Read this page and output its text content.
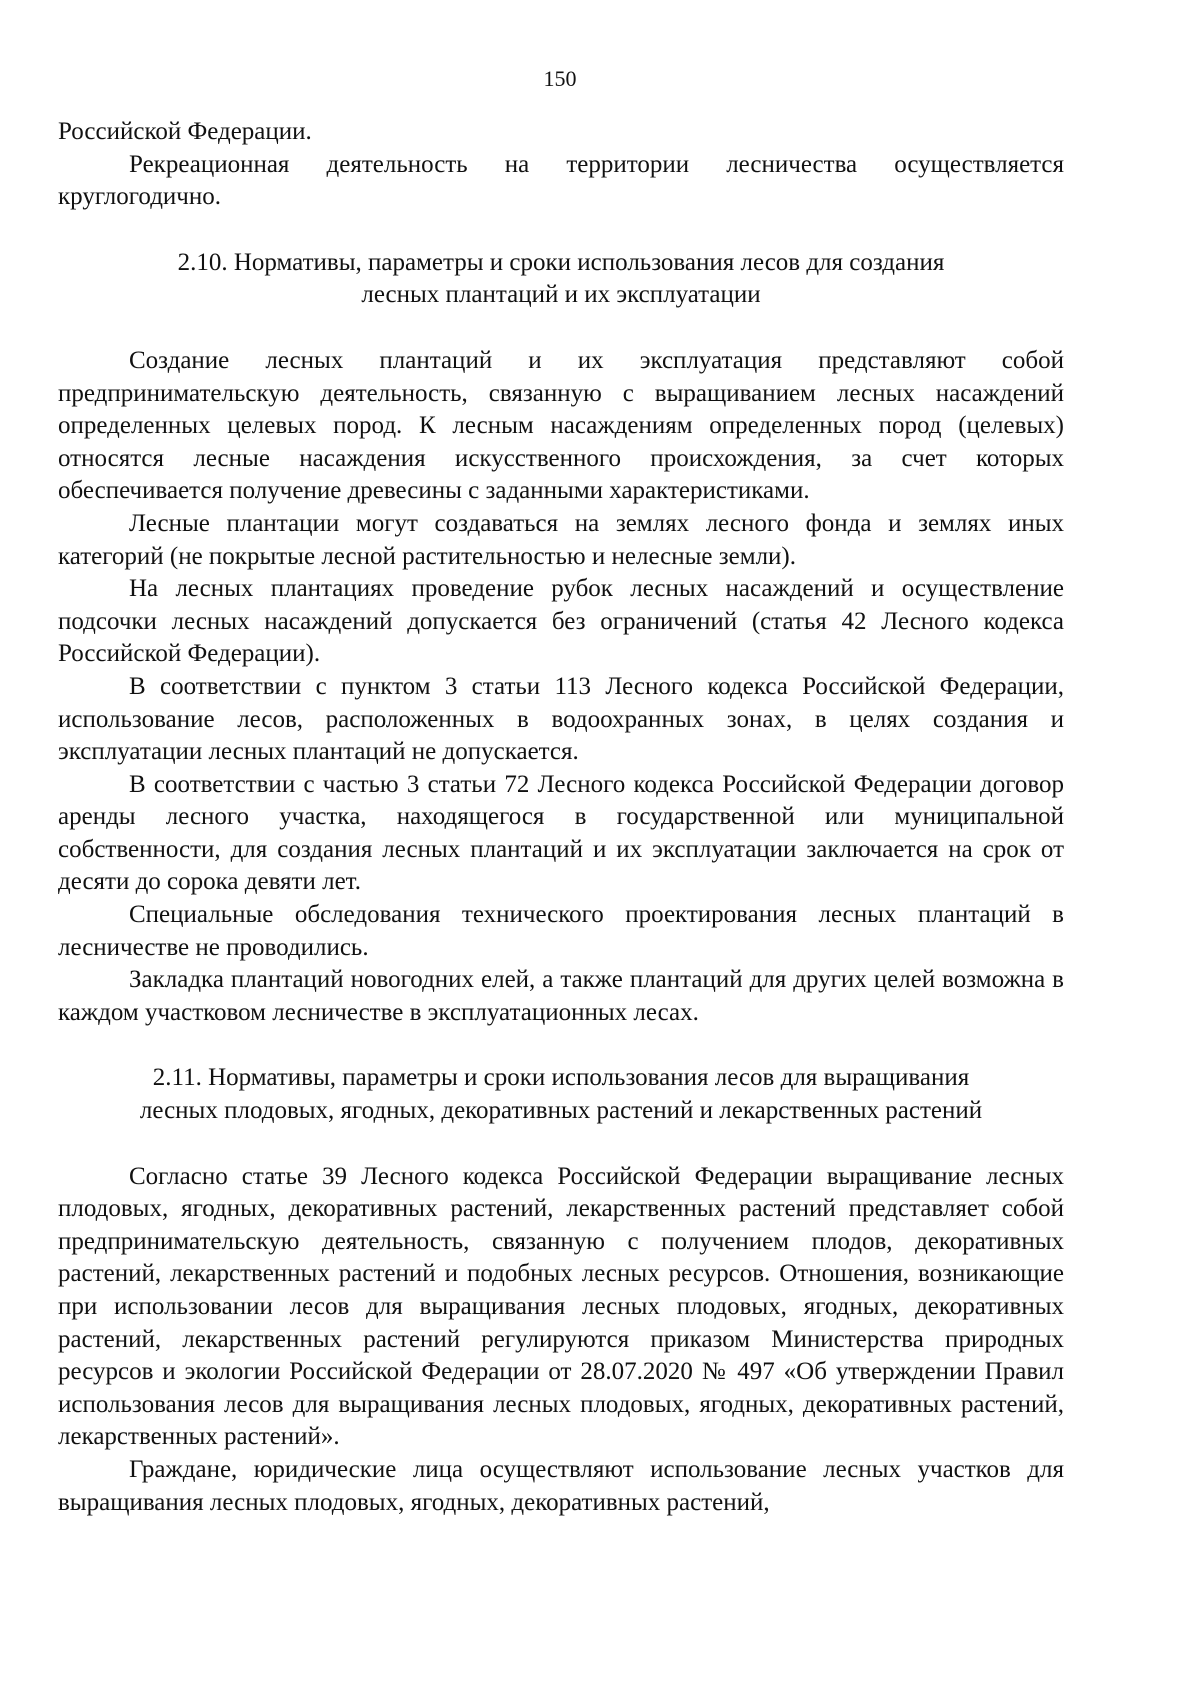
150

Российской Федерации.

Рекреационная деятельность на территории лесничества осуществляется круглогодично.

2.10. Нормативы, параметры и сроки использования лесов для создания
лесных плантаций и их эксплуатации

Создание лесных плантаций и их эксплуатация представляют собой предпринимательскую деятельность, связанную с выращиванием лесных насаждений определенных целевых пород. К лесным насаждениям определенных пород (целевых) относятся лесные насаждения искусственного происхождения, за счет которых обеспечивается получение древесины с заданными характеристиками.

Лесные плантации могут создаваться на землях лесного фонда и землях иных категорий (не покрытые лесной растительностью и нелесные земли).

На лесных плантациях проведение рубок лесных насаждений и осуществление подсочки лесных насаждений допускается без ограничений (статья 42 Лесного кодекса Российской Федерации).

В соответствии с пунктом 3 статьи 113 Лесного кодекса Российской Федерации, использование лесов, расположенных в водоохранных зонах, в целях создания и эксплуатации лесных плантаций не допускается.

В соответствии с частью 3 статьи 72 Лесного кодекса Российской Федерации договор аренды лесного участка, находящегося в государственной или муниципальной собственности, для создания лесных плантаций и их эксплуатации заключается на срок от десяти до сорока девяти лет.

Специальные обследования технического проектирования лесных плантаций в лесничестве не проводились.

Закладка плантаций новогодних елей, а также плантаций для других целей возможна в каждом участковом лесничестве в эксплуатационных лесах.

2.11. Нормативы, параметры и сроки использования лесов для выращивания
лесных плодовых, ягодных, декоративных растений и лекарственных растений

Согласно статье 39 Лесного кодекса Российской Федерации выращивание лесных плодовых, ягодных, декоративных растений, лекарственных растений представляет собой предпринимательскую деятельность, связанную с получением плодов, декоративных растений, лекарственных растений и подобных лесных ресурсов. Отношения, возникающие при использовании лесов для выращивания лесных плодовых, ягодных, декоративных растений, лекарственных растений регулируются приказом Министерства природных ресурсов и экологии Российской Федерации от 28.07.2020 № 497 «Об утверждении Правил использования лесов для выращивания лесных плодовых, ягодных, декоративных растений, лекарственных растений».

Граждане, юридические лица осуществляют использование лесных участков для выращивания лесных плодовых, ягодных, декоративных растений,
